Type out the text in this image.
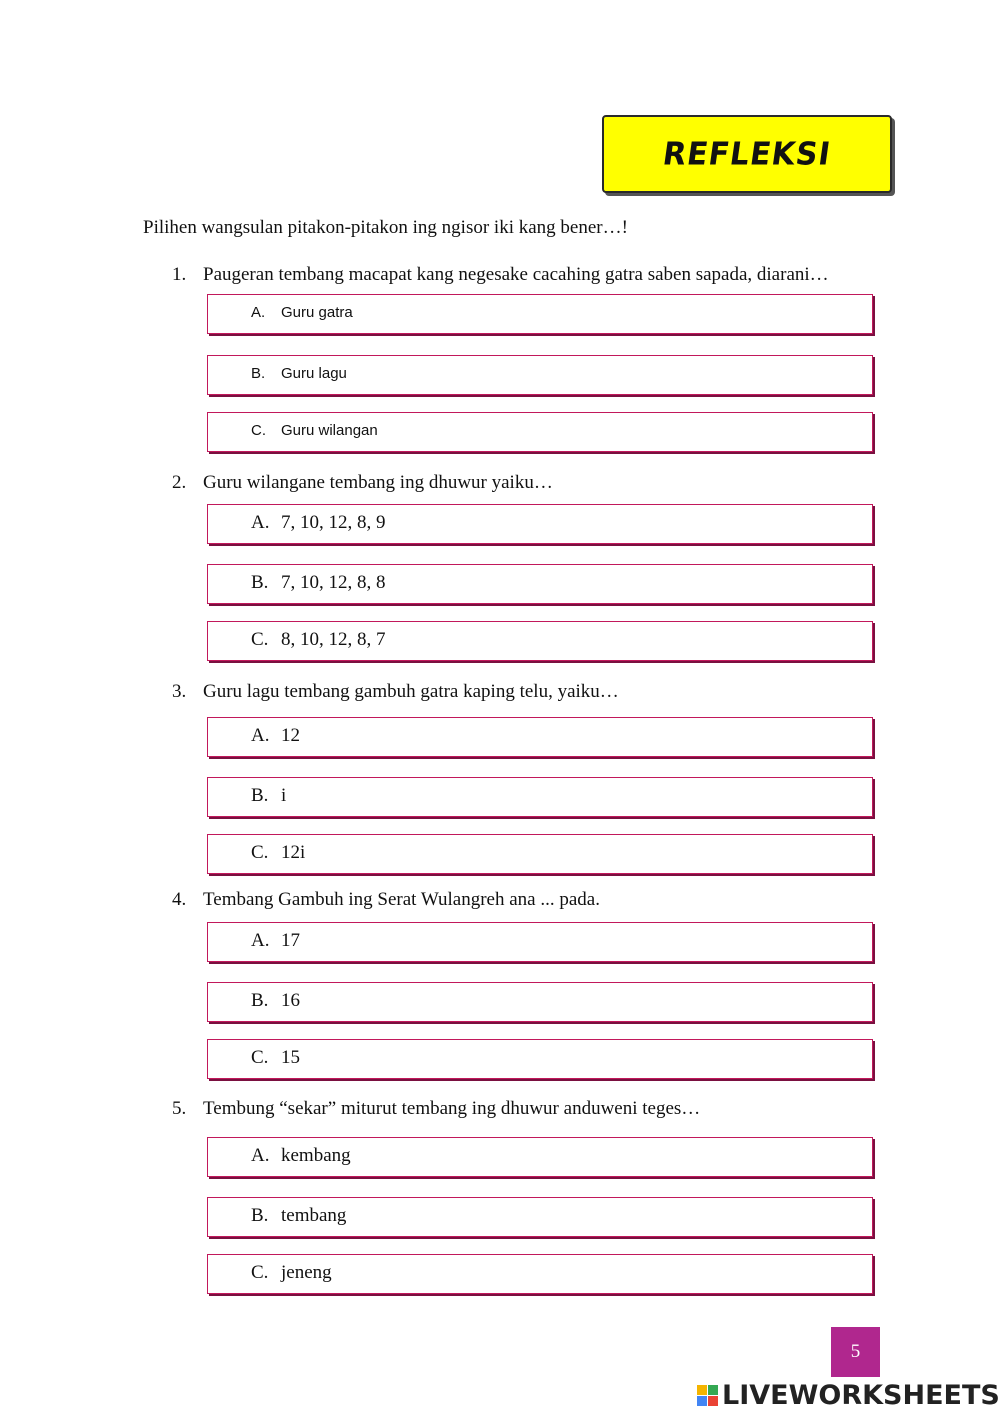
REFLEKSI
Pilihen wangsulan pitakon-pitakon ing ngisor iki kang bener…!
1. Paugeran tembang macapat kang negesake cacahing gatra saben sapada, diarani…
A.	Guru gatra
B.	Guru lagu
C.	Guru wilangan
2. Guru wilangane tembang ing dhuwur yaiku…
A. 7, 10, 12, 8, 9
B. 7, 10, 12, 8, 8
C. 8, 10, 12, 8, 7
3. Guru lagu tembang gambuh gatra kaping telu, yaiku…
A. 12
B. i
C. 12i
4. Tembang Gambuh ing Serat Wulangreh ana ... pada.
A. 17
B. 16
C. 15
5. Tembung “sekar” miturut tembang ing dhuwur anduweni teges…
A. kembang
B. tembang
C. jeneng
5
LIVEWORKSHEETS
